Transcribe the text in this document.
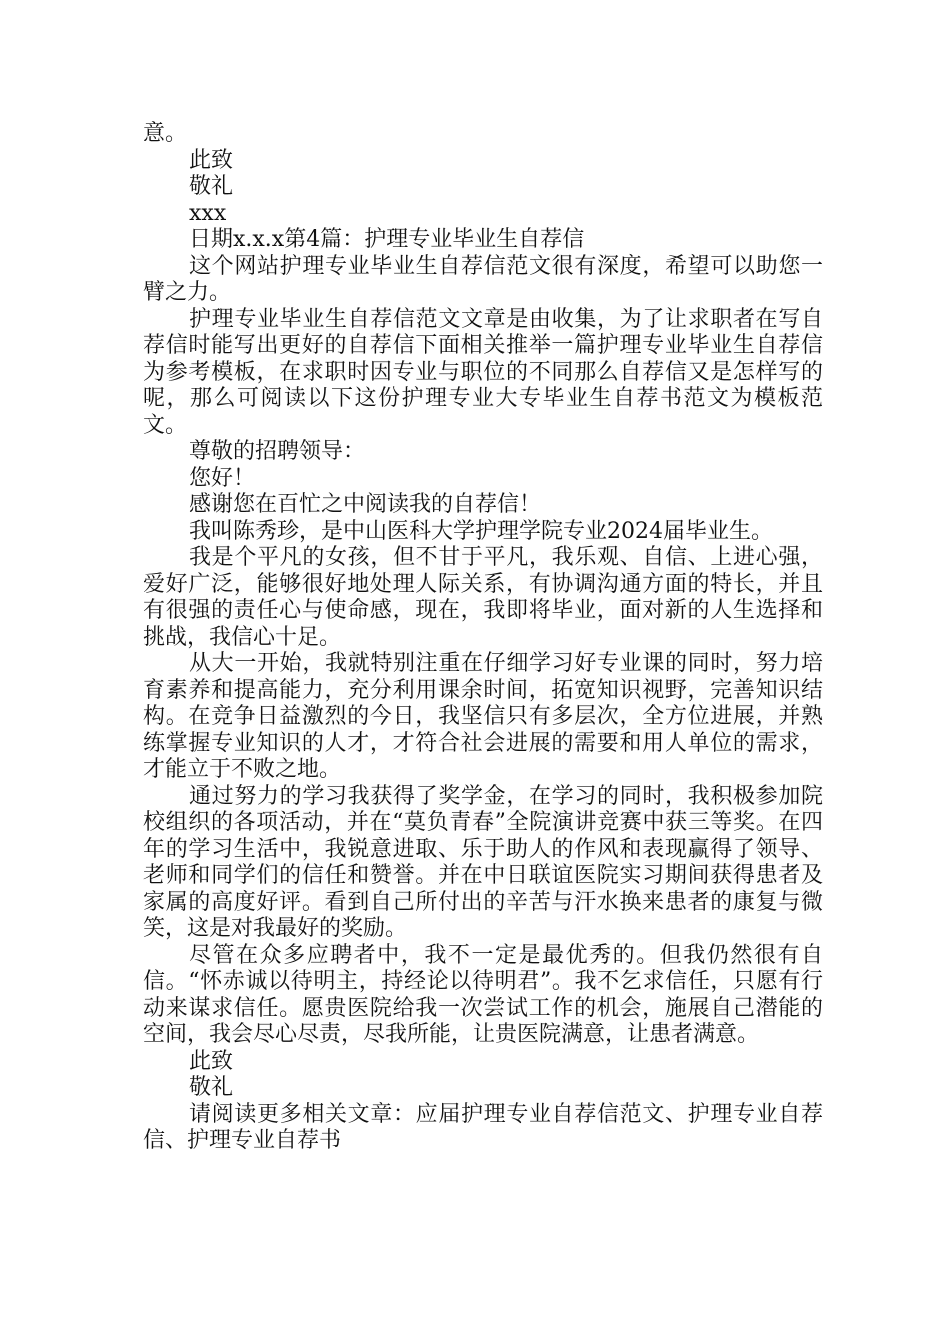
意。

此致

敬礼

xxx

日期x.x.x第4篇：护理专业毕业生自荐信

这个网站护理专业毕业生自荐信范文很有深度，希望可以助您一臂之力。

护理专业毕业生自荐信范文文章是由收集，为了让求职者在写自荐信时能写出更好的自荐信下面相关推举一篇护理专业毕业生自荐信为参考模板，在求职时因专业与职位的不同那么自荐信又是怎样写的呢，那么可阅读以下这份护理专业大专毕业生自荐书范文为模板范文。

尊敬的招聘领导：

您好！

感谢您在百忙之中阅读我的自荐信！

我叫陈秀珍，是中山医科大学护理学院专业2024届毕业生。

我是个平凡的女孩，但不甘于平凡，我乐观、自信、上进心强，爱好广泛，能够很好地处理人际关系，有协调沟通方面的特长，并且有很强的责任心与使命感，现在，我即将毕业，面对新的人生选择和挑战，我信心十足。

从大一开始，我就特别注重在仔细学习好专业课的同时，努力培育素养和提高能力，充分利用课余时间，拓宽知识视野，完善知识结构。在竞争日益激烈的今日，我坚信只有多层次，全方位进展，并熟练掌握专业知识的人才，才符合社会进展的需要和用人单位的需求，才能立于不败之地。

通过努力的学习我获得了奖学金，在学习的同时，我积极参加院校组织的各项活动，并在“莫负青春”全院演讲竞赛中获三等奖。在四年的学习生活中，我锐意进取、乐于助人的作风和表现赢得了领导、老师和同学们的信任和赞誉。并在中日联谊医院实习期间获得患者及家属的高度好评。看到自己所付出的辛苦与汗水换来患者的康复与微笑，这是对我最好的奖励。

尽管在众多应聘者中，我不一定是最优秀的。但我仍然很有自信。“怀赤诚以待明主，持经论以待明君”。我不乞求信任，只愿有行动来谋求信任。愿贵医院给我一次尝试工作的机会，施展自己潜能的空间，我会尽心尽责，尽我所能，让贵医院满意，让患者满意。

此致

敬礼

请阅读更多相关文章：应届护理专业自荐信范文、护理专业自荐信、护理专业自荐书
